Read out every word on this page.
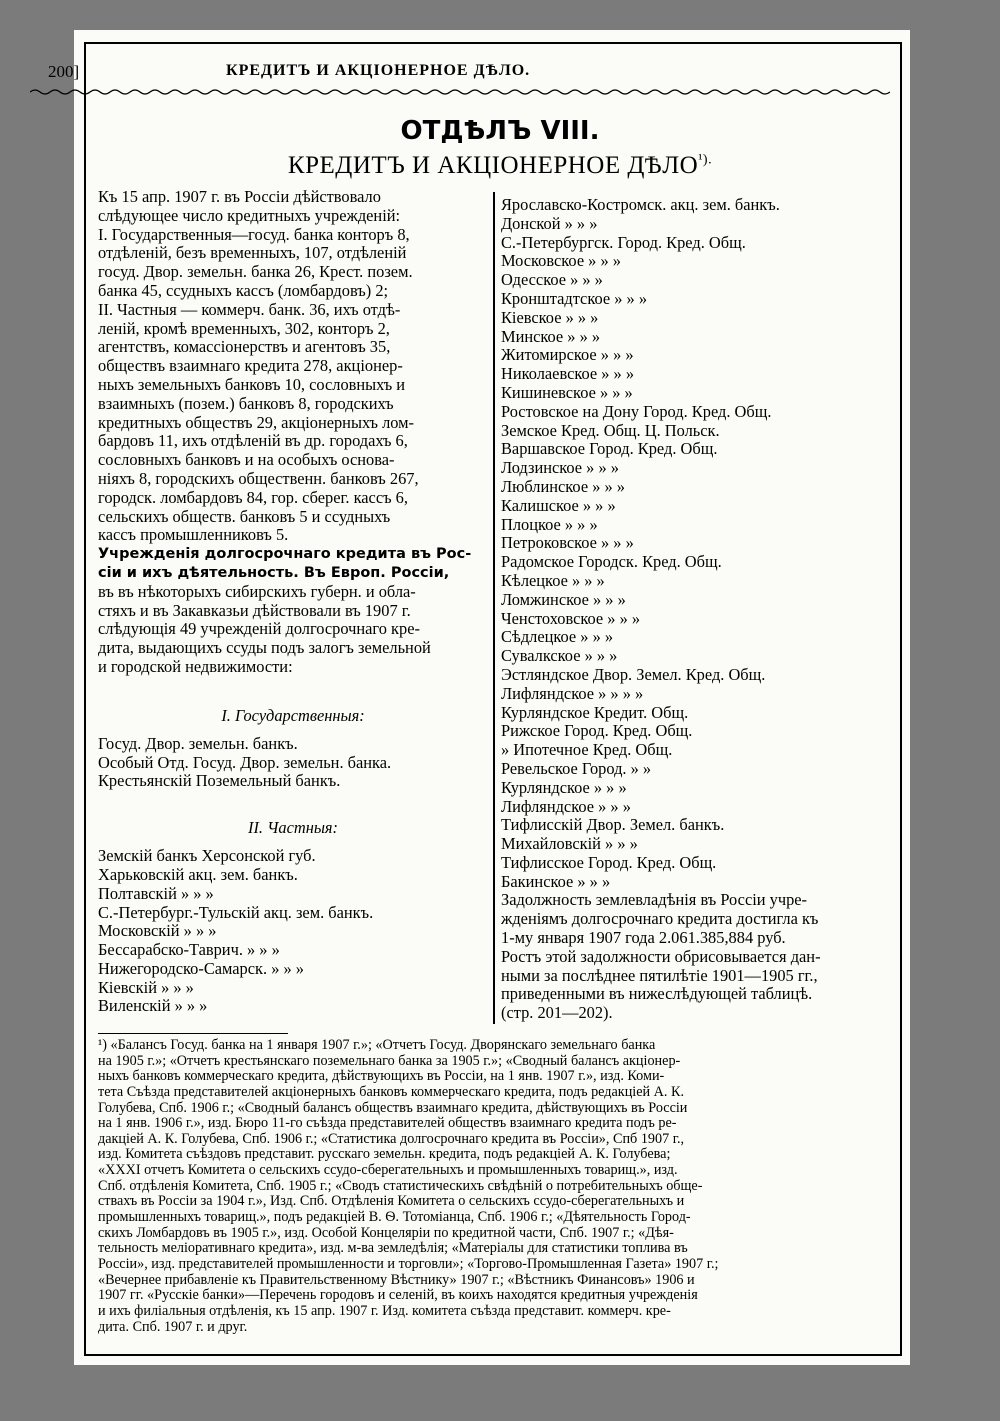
200]	КРЕДИТЪ И АКЦІОНЕРНОЕ ДѢЛО.
ОТДѢЛЪ VIII.
КРЕДИТЪ И АКЦІОНЕРНОЕ $ДѢЛО^{^1).}$
Къ 15 апр. 1907 г. въ Россіи дѣйствовало
слѣдующее число кредитныхъ учрежденій:
I. Государственныя—госуд. банка конторъ 8,
отдѣленій, безъ временныхъ, 107, отдѣленій
госуд. Двор. земельн. банка 26, Крест. позем.
банка 45, ссудныхъ кассъ (ломбардовъ) 2;
II. Частныя — коммерч. банк. 36, ихъ отдѣ-
леній, кромѣ временныхъ, 302, конторъ 2,
агентствъ, комассіонерствъ и агентовъ 35,
обществъ взаимнаго кредита 278, акціонер-
ныхъ земельныхъ банковъ 10, сословныхъ и
взаимныхъ (позем.) банковъ 8, городскихъ
кредитныхъ обществъ 29, акціонерныхъ лом-
бардовъ 11, ихъ отдѣленій въ др. городахъ 6,
сословныхъ банковъ и на особыхъ основа-
ніяхъ 8, городскихъ общественн. банковъ 267,
городск. ломбардовъ 84, гор. сберег. кассъ 6,
сельскихъ обществ. банковъ 5 и ссудныхъ
кассъ промышленниковъ 5.
Учрежденія долгосрочнаго кредита въ Рос-
сіи и ихъ дѣятельность. Въ Европ. Россіи,
въ въ нѣкоторыхъ сибирскихъ губерн. и обла-
стяхъ и въ Закавказьи дѣйствовали въ 1907 г.
слѣдующія 49 учрежденій долгосрочнаго кре-
дита, выдающихъ ссуды подъ залогъ земельной
и городской недвижимости:
I. Государственныя:
Госуд. Двор. земельн. банкъ.
Особый Отд. Госуд. Двор. земельн. банка.
Крестьянскій Поземельный банкъ.
II. Частныя:
Земскій банкъ Херсонской губ.
Харьковскій акц. зем. банкъ.
Полтавскій » » »
С.-Петербург.-Тульскій акц. зем. банкъ.
Московскій » » »
Бессарабско-Таврич. » » »
Нижегородско-Самарск. » » »
Кіевскій » » »
Виленскій » » »
Ярославско-Костромск. акц. зем. банкъ.
Донской » » »
С.-Петербургск. Город. Кред. Общ.
Московское » » »
Одесское » » »
Кронштадтское » » »
Кіевское » » »
Минское » » »
Житомирское » » »
Николаевское » » »
Кишиневское » » »
Ростовское на Дону Город. Кред. Общ.
Земское Кред. Общ. Ц. Польск.
Варшавское Город. Кред. Общ.
Лодзинское » » »
Люблинское » » »
Калишское » » »
Плоцкое » » »
Петроковское » » »
Радомское Городск. Кред. Общ.
Кѣлецкое » » »
Ломжинское » » »
Ченстоховское » » »
Сѣдлецкое » » »
Сувалкское » » »
Эстляндское Двор. Земел. Кред. Общ.
Лифляндское » » » »
Курляндское Кредит. Общ.
Рижское Город. Кред. Общ.
» Ипотечное Кред. Общ.
Ревельское Город. » »
Курляндское » » »
Лифляндское » » »
Тифлисскій Двор. Земел. банкъ.
Михайловскій » » »
Тифлисское Город. Кред. Общ.
Бакинское » » »
Задолжность землевладѣнія въ Россіи учре-
жденіямъ долгосрочнаго кредита достигла къ
1-му января 1907 года 2.061.385,884 руб.
Ростъ этой задолжности обрисовывается дан-
ными за послѣднее пятилѣтіе 1901—1905 гг.,
приведенными въ нижеслѣдующей таблицѣ.
(стр. 201—202).
¹) «Балансъ Госуд. банка на 1 января 1907 г.»; «Отчетъ Госуд. Дворянскаго земельнаго банка
на 1905 г.»; «Отчетъ крестьянскаго поземельнаго банка за 1905 г.»; «Сводный балансъ акціонер-
ныхъ банковъ коммерческаго кредита, дѣйствующихъ въ Россіи, на 1 янв. 1907 г.», изд. Коми-
тета Съѣзда представителей акціонерныхъ банковъ коммерческаго кредита, подъ редакціей А. К.
Голубева, Спб. 1906 г.; «Сводный балансъ обществъ взаимнаго кредита, дѣйствующихъ въ Россіи
на 1 янв. 1906 г.», изд. Бюро 11-го съѣзда представителей обществъ взаимнаго кредита подъ ре-
дакціей А. К. Голубева, Спб. 1906 г.; «Статистика долгосрочнаго кредита въ Россіи», Спб 1907 г.,
изд. Комитета съѣздовъ представит. русскаго земельн. кредита, подъ редакціей А. К. Голубева;
«XXXI отчетъ Комитета о сельскихъ ссудо-сберегательныхъ и промышленныхъ товарищ.», изд.
Спб. отдѣленія Комитета, Спб. 1905 г.; «Сводъ статистическихъ свѣдѣній о потребительныхъ обще-
ствахъ въ Россіи за 1904 г.», Изд. Спб. Отдѣленія Комитета о сельскихъ ссудо-сберегательныхъ и
промышленныхъ товарищ.», подъ редакціей В. Ѳ. Тотоміанца, Спб. 1906 г.; «Дѣятельность Город-
скихъ Ломбардовъ въ 1905 г.», изд. Особой Концеляріи по кредитной части, Спб. 1907 г.; «Дѣя-
тельность меліоративнаго кредита», изд. м-ва земледѣлія; «Матеріалы для статистики топлива въ
Россіи», изд. представителей промышленности и торговли»; «Торгово-Промышленная Газета» 1907 г.;
«Вечернее прибавленіе къ Правительственному Вѣстнику» 1907 г.; «Вѣстникъ Финансовъ» 1906 и
1907 гг. «Русскіе банки»—Перечень городовъ и селеній, въ коихъ находятся кредитныя учрежденія
и ихъ филіальныя отдѣленія, къ 15 апр. 1907 г. Изд. комитета съѣзда представит. коммерч. кре-
дита. Спб. 1907 г. и друг.
